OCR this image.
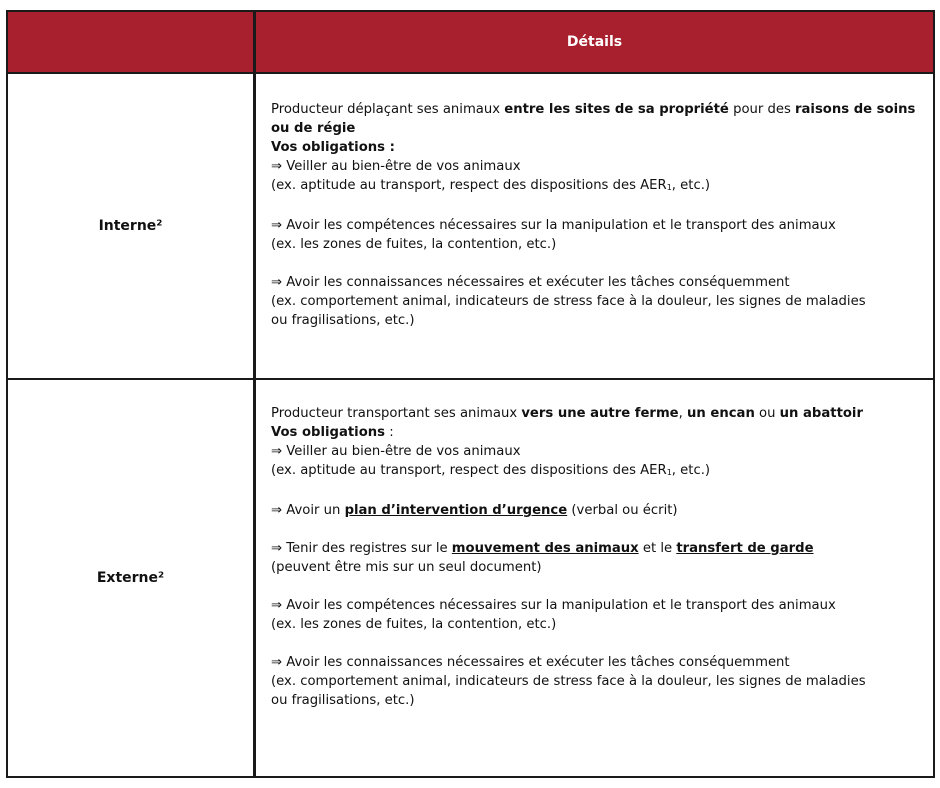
Détails
Interne²
Producteur déplaçant ses animaux entre les sites de sa propriété pour des raisons de soins ou de régie
Vos obligations :
⇒ Veiller au bien-être de vos animaux
(ex. aptitude au transport, respect des dispositions des $AER_1$, etc.)
⇒ Avoir les compétences nécessaires sur la manipulation et le transport des animaux
(ex. les zones de fuites, la contention, etc.)
⇒ Avoir les connaissances nécessaires et exécuter les tâches conséquemment
(ex. comportement animal, indicateurs de stress face à la douleur, les signes de maladies
ou fragilisations, etc.)
Externe²
Producteur transportant ses animaux vers une autre ferme, un encan ou un abattoir
Vos obligations :
⇒ Veiller au bien-être de vos animaux
(ex. aptitude au transport, respect des dispositions des $AER_1$, etc.)
⇒ Avoir un plan d’intervention d’urgence (verbal ou écrit)
⇒ Tenir des registres sur le mouvement des animaux et le transfert de garde
(peuvent être mis sur un seul document)
⇒ Avoir les compétences nécessaires sur la manipulation et le transport des animaux
(ex. les zones de fuites, la contention, etc.)
⇒ Avoir les connaissances nécessaires et exécuter les tâches conséquemment
(ex. comportement animal, indicateurs de stress face à la douleur, les signes de maladies
ou fragilisations, etc.)
